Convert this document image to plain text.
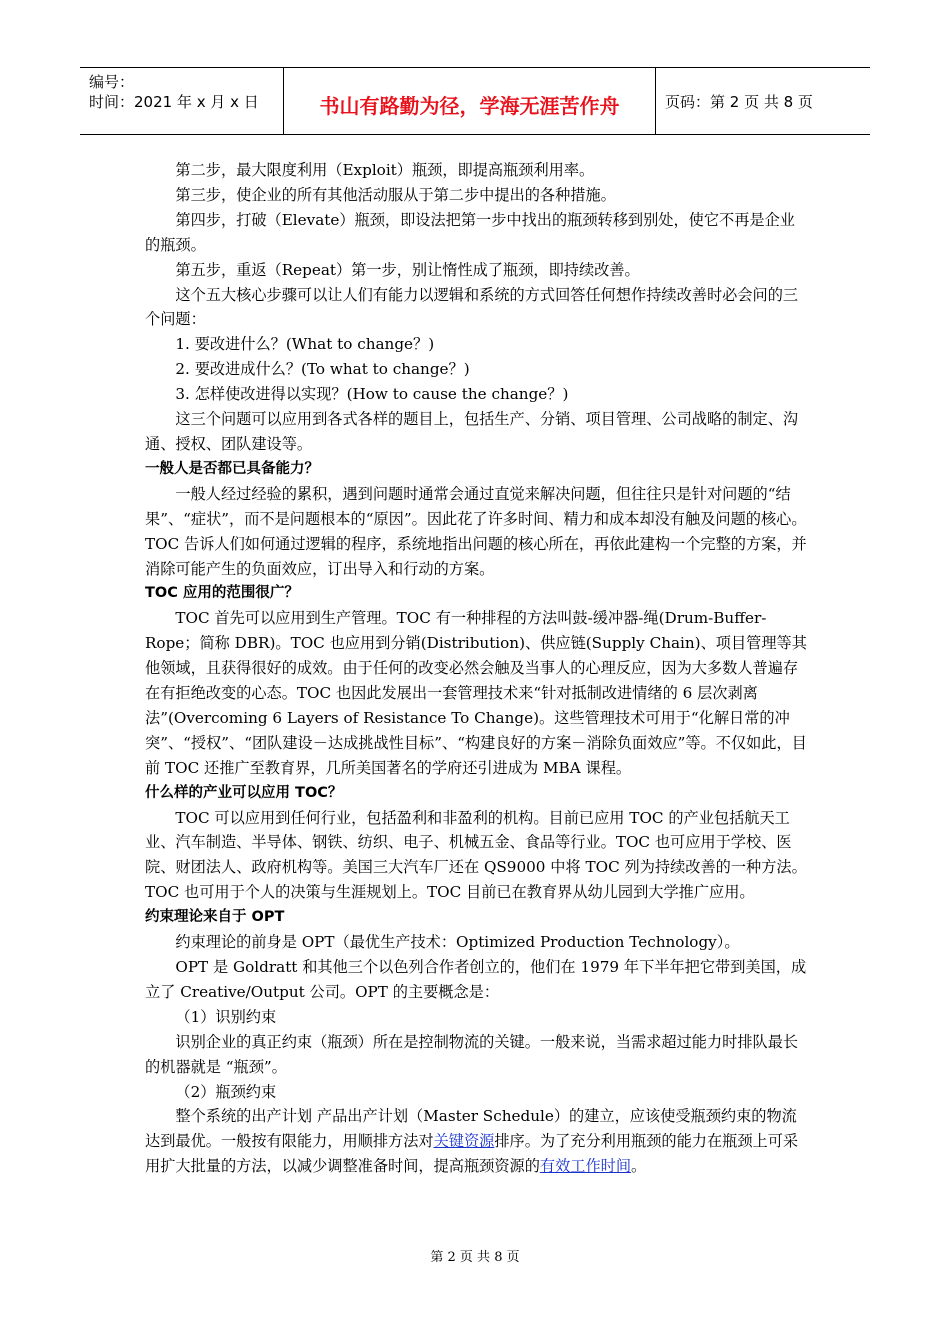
编号：
时间：2021 年 x 月 x 日	书山有路勤为径，学海无涯苦作舟	页码：第 2 页 共 8 页

第二步，最大限度利用（Exploit）瓶颈，即提高瓶颈利用率。

第三步，使企业的所有其他活动服从于第二步中提出的各种措施。

第四步，打破（Elevate）瓶颈，即设法把第一步中找出的瓶颈转移到别处，使它不再是企业的瓶颈。

第五步，重返（Repeat）第一步，别让惰性成了瓶颈，即持续改善。

这个五大核心步骤可以让人们有能力以逻辑和系统的方式回答任何想作持续改善时必会问的三个问题：

1. 要改进什么？(What to change？)

2. 要改进成什么？(To what to change？)

3. 怎样使改进得以实现？(How to cause the change？)

这三个问题可以应用到各式各样的题目上，包括生产、分销、项目管理、公司战略的制定、沟通、授权、团队建设等。

一般人是否都已具备能力？

一般人经过经验的累积，遇到问题时通常会通过直觉来解决问题，但往往只是针对问题的“结果”、“症状”，而不是问题根本的“原因”。因此花了许多时间、精力和成本却没有触及问题的核心。TOC 告诉人们如何通过逻辑的程序，系统地指出问题的核心所在，再依此建构一个完整的方案，并消除可能产生的负面效应，订出导入和行动的方案。

TOC 应用的范围很广？

TOC 首先可以应用到生产管理。TOC 有一种排程的方法叫鼓-缓冲器-绳(Drum-Buffer-Rope；简称 DBR)。TOC 也应用到分销(Distribution)、供应链(Supply Chain)、项目管理等其他领域，且获得很好的成效。由于任何的改变必然会触及当事人的心理反应，因为大多数人普遍存在有拒绝改变的心态。TOC 也因此发展出一套管理技术来“针对抵制改进情绪的 6 层次剥离法”(Overcoming 6 Layers of Resistance To Change)。这些管理技术可用于“化解日常的冲突”、“授权”、“团队建设－达成挑战性目标”、“构建良好的方案－消除负面效应”等。不仅如此，目前 TOC 还推广至教育界，几所美国著名的学府还引进成为 MBA 课程。

什么样的产业可以应用 TOC？

TOC 可以应用到任何行业，包括盈利和非盈利的机构。目前已应用 TOC 的产业包括航天工业、汽车制造、半导体、钢铁、纺织、电子、机械五金、食品等行业。TOC 也可应用于学校、医院、财团法人、政府机构等。美国三大汽车厂还在 QS9000 中将 TOC 列为持续改善的一种方法。TOC 也可用于个人的决策与生涯规划上。TOC 目前已在教育界从幼儿园到大学推广应用。

约束理论来自于 OPT

约束理论的前身是 OPT（最优生产技术：Optimized Production Technology）。

OPT 是 Goldratt 和其他三个以色列合作者创立的，他们在 1979 年下半年把它带到美国，成立了 Creative/Output 公司。OPT 的主要概念是：

（1）识别约束

识别企业的真正约束（瓶颈）所在是控制物流的关键。一般来说，当需求超过能力时排队最长的机器就是 “瓶颈”。

（2）瓶颈约束

整个系统的出产计划 产品出产计划（Master Schedule）的建立，应该使受瓶颈约束的物流达到最优。一般按有限能力，用顺排方法对关键资源排序。为了充分利用瓶颈的能力在瓶颈上可采用扩大批量的方法，以减少调整准备时间，提高瓶颈资源的有效工作时间。

第 2 页 共 8 页
